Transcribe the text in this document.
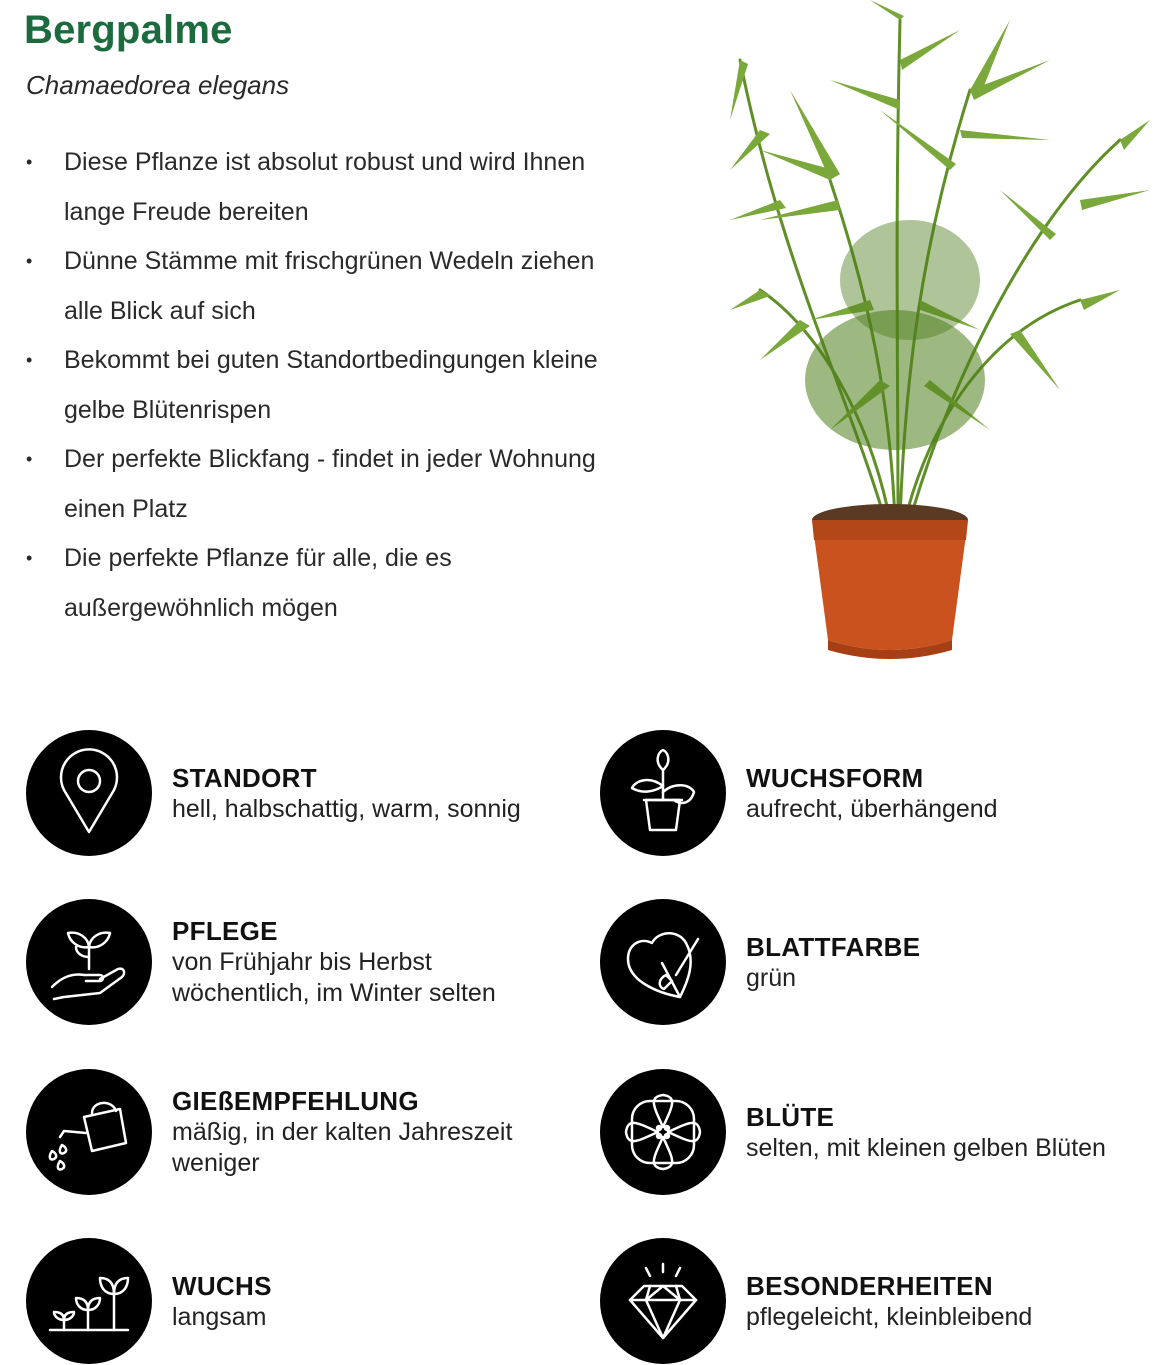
Bergpalme
Chamaedorea elegans
• Diese Pflanze ist absolut robust und wird Ihnen lange Freude bereiten
• Dünne Stämme mit frischgrünen Wedeln ziehen alle Blick auf sich
• Bekommt bei guten Standortbedingungen kleine gelbe Blütenrispen
• Der perfekte Blickfang - findet in jeder Wohnung einen Platz
• Die perfekte Pflanze für alle, die es außergewöhnlich mögen
STANDORT
hell, halbschattig, warm, sonnig
WUCHSFORM
aufrecht, überhängend
PFLEGE
von Frühjahr bis Herbst
wöchentlich, im Winter selten
BLATTFARBE
grün
GIEßEMPFEHLUNG
mäßig, in der kalten Jahreszeit
weniger
BLÜTE
selten, mit kleinen gelben Blüten
WUCHS
langsam
BESONDERHEITEN
pflegeleicht, kleinbleibend
